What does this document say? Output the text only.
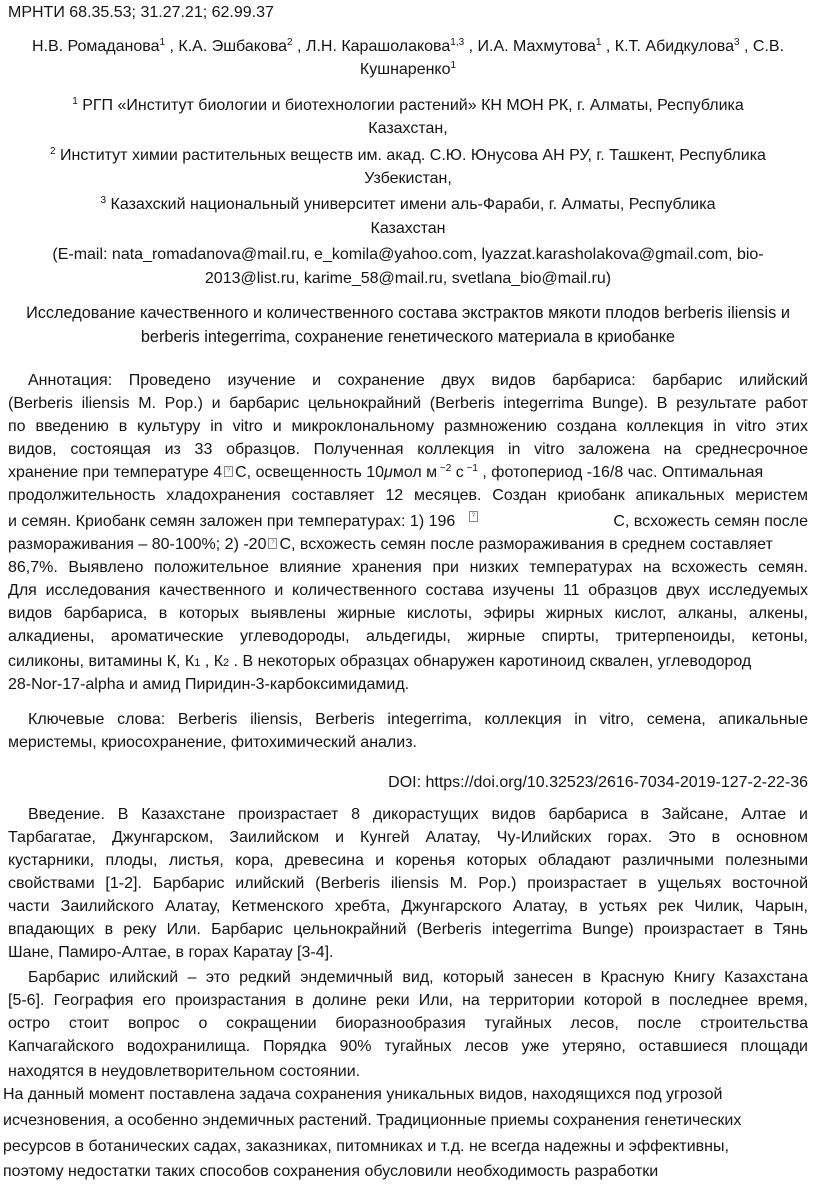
МРНТИ 68.35.53; 31.27.21; 62.99.37
Н.В. Ромаданова$^1$ , К.А. Эшбакова$^2$ , Л.Н. Карашолакова$^{1,3}$ , И.А. Махмутова$^1$ , К.Т. Абидкулова$^3$ , С.В.
Кушнаренко$^1$
$^1$ РГП «Институт биологии и биотехнологии растений» КН МОН РК, г. Алматы, Республика
Казахстан,
$^2$ Институт химии растительных веществ им. акад. С.Ю. Юнусова АН РУ, г. Ташкент, Республика
Узбекистан,
$^3$ Казахский национальный университет имени аль-Фараби, г. Алматы, Республика
Казахстан
(E-mail: nata_romadanova@mail.ru, e_komila@yahoo.com, lyazzat.karasholakova@gmail.com, bio-
2013@list.ru, karime_58@mail.ru, svetlana_bio@mail.ru)
Исследование качественного и количественного состава экстрактов мякоти плодов berberis iliensis и
berberis integerrima, сохранение генетического материала в криобанке
Аннотация: Проведено изучение и сохранение двух видов барбариса: барбарис илийский
(Berberis iliensis M. Pop.) и барбарис цельнокрайний (Berberis integerrima Bunge). В результате работ
по введению в культуру in vitro и микроклональному размножению создана коллекция in vitro этих
видов, состоящая из 33 образцов. Полученная коллекция in vitro заложена на среднесрочное
хранение при температуре 4 ? С, освещенность 10μмол м $^{-2}$ с $^{-1}$ , фотопериод -16/8 час. Оптимальная
продолжительность хладохранения составляет 12 месяцев. Создан криобанк апикальных меристем
и семян. Криобанк семян заложен при температурах: 1) 196	?	С, всхожесть семян после
размораживания – 80-100%; 2) -20 ? С, всхожесть семян после размораживания в среднем составляет
86,7%. Выявлено положительное влияние хранения при низких температурах на всхожесть семян.
Для исследования качественного и количественного состава изучены 11 образцов двух исследуемых
видов барбариса, в которых выявлены жирные кислоты, эфиры жирных кислот, алканы, алкены,
алкадиены, ароматические углеводороды, альдегиды, жирные спирты, тритерпеноиды, кетоны,
силиконы, витамины К, К1 , К2 . В некоторых образцах обнаружен каротиноид сквален, углеводород
28-Nor-17-alpha и амид Пиридин-3-карбоксимидамид.
Ключевые слова: Berberis iliensis, Berberis integerrima, коллекция in vitro, семена, апикальные
меристемы, криосохранение, фитохимический анализ.
DOI: https://doi.org/10.32523/2616-7034-2019-127-2-22-36
Введение. В Казахстане произрастает 8 дикорастущих видов барбариса в Зайсане, Алтае и
Тарбагатае, Джунгарском, Заилийском и Кунгей Алатау, Чу-Илийских горах. Это в основном
кустарники, плоды, листья, кора, древесина и коренья которых обладают различными полезными
свойствами [1-2]. Барбарис илийский (Berberis iliensis M. Pop.) произрастает в ущельях восточной
части Заилийского Алатау, Кетменского хребта, Джунгарского Алатау, в устьях рек Чилик, Чарын,
впадающих в реку Или. Барбарис цельнокрайний (Berberis integerrima Bunge) произрастает в Тянь
Шане, Памиро-Алтае, в горах Каратау [3-4].
Барбарис илийский – это редкий эндемичный вид, который занесен в Красную Книгу Казахстана
[5-6]. География его произрастания в долине реки Или, на территории которой в последнее время,
остро стоит вопрос о сокращении биоразнообразия тугайных лесов, после строительства
Капчагайского водохранилища. Порядка 90% тугайных лесов уже утеряно, оставшиеся площади
находятся в неудовлетворительном состоянии.
На данный момент поставлена задача сохранения уникальных видов, находящихся под угрозой
исчезновения, а особенно эндемичных растений. Традиционные приемы сохранения генетических
ресурсов в ботанических садах, заказниках, питомниках и т.д. не всегда надежны и эффективны,
поэтому недостатки таких способов сохранения обусловили необходимость разработки
